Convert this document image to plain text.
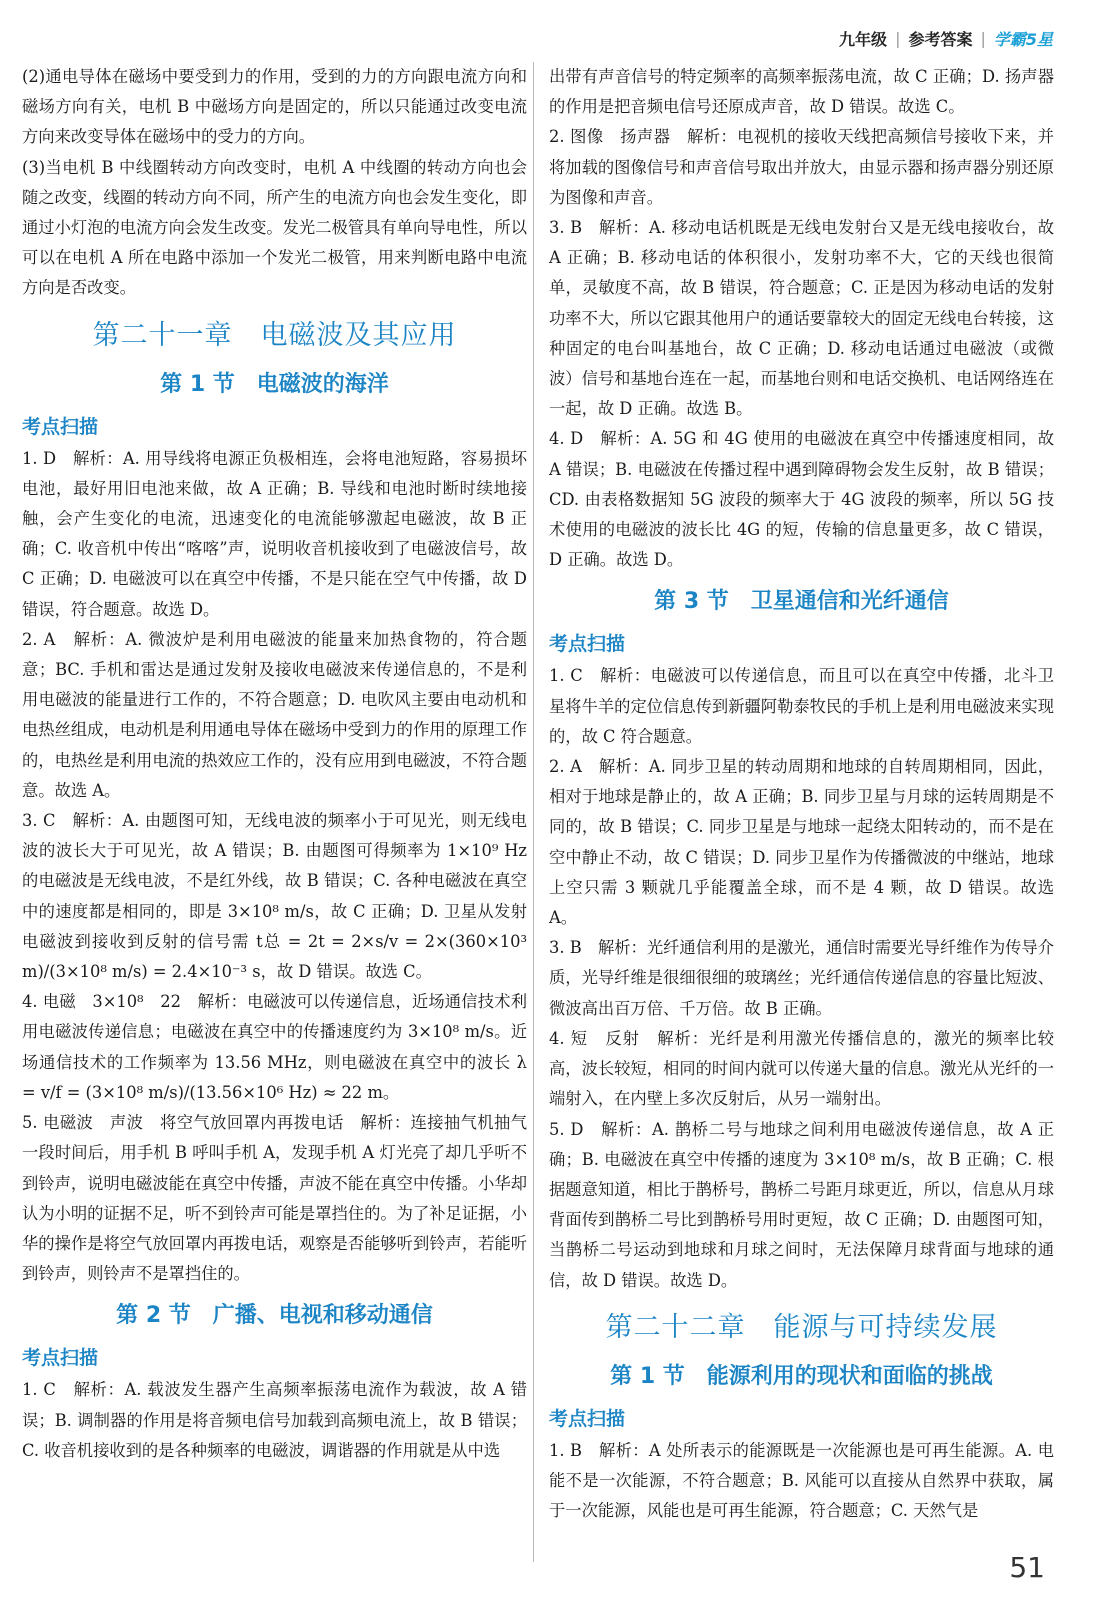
九年级 | 参考答案 | 学霸5星

(2)通电导体在磁场中要受到力的作用，受到的力的方向跟电流方向和磁场方向有关，电机 B 中磁场方向是固定的，所以只能通过改变电流方向来改变导体在磁场中的受力的方向。

(3)当电机 B 中线圈转动方向改变时，电机 A 中线圈的转动方向也会随之改变，线圈的转动方向不同，所产生的电流方向也会发生变化，即通过小灯泡的电流方向会发生改变。发光二极管具有单向导电性，所以可以在电机 A 所在电路中添加一个发光二极管，用来判断电路中电流方向是否改变。

第二十一章　电磁波及其应用
第 1 节　电磁波的海洋
考点扫描

1. D　解析：A. 用导线将电源正负极相连，会将电池短路，容易损坏电池，最好用旧电池来做，故 A 正确；B. 导线和电池时断时续地接触，会产生变化的电流，迅速变化的电流能够激起电磁波，故 B 正确；C. 收音机中传出“喀喀”声，说明收音机接收到了电磁波信号，故 C 正确；D. 电磁波可以在真空中传播，不是只能在空气中传播，故 D 错误，符合题意。故选 D。

2. A　解析：A. 微波炉是利用电磁波的能量来加热食物的，符合题意；BC. 手机和雷达是通过发射及接收电磁波来传递信息的，不是利用电磁波的能量进行工作的，不符合题意；D. 电吹风主要由电动机和电热丝组成，电动机是利用通电导体在磁场中受到力的作用的原理工作的，电热丝是利用电流的热效应工作的，没有应用到电磁波，不符合题意。故选 A。

3. C　解析：A. 由题图可知，无线电波的频率小于可见光，则无线电波的波长大于可见光，故 A 错误；B. 由题图可得频率为 1×10⁹ Hz 的电磁波是无线电波，不是红外线，故 B 错误；C. 各种电磁波在真空中的速度都是相同的，即是 3×10⁸ m/s，故 C 正确；D. 卫星从发射电磁波到接收到反射的信号需 t总 = 2t = 2×s/v = 2×(360×10³ m)/(3×10⁸ m/s) = 2.4×10⁻³ s，故 D 错误。故选 C。

4. 电磁　3×10⁸　22　解析：电磁波可以传递信息，近场通信技术利用电磁波传递信息；电磁波在真空中的传播速度约为 3×10⁸ m/s。近场通信技术的工作频率为 13.56 MHz，则电磁波在真空中的波长 λ = v/f = (3×10⁸ m/s)/(13.56×10⁶ Hz) ≈ 22 m。

5. 电磁波　声波　将空气放回罩内再拨电话　解析：连接抽气机抽气一段时间后，用手机 B 呼叫手机 A，发现手机 A 灯光亮了却几乎听不到铃声，说明电磁波能在真空中传播，声波不能在真空中传播。小华却认为小明的证据不足，听不到铃声可能是罩挡住的。为了补足证据，小华的操作是将空气放回罩内再拨电话，观察是否能够听到铃声，若能听到铃声，则铃声不是罩挡住的。

第 2 节　广播、电视和移动通信
考点扫描

1. C　解析：A. 载波发生器产生高频率振荡电流作为载波，故 A 错误；B. 调制器的作用是将音频电信号加载到高频电流上，故 B 错误；C. 收音机接收到的是各种频率的电磁波，调谐器的作用就是从中选

出带有声音信号的特定频率的高频率振荡电流，故 C 正确；D. 扬声器的作用是把音频电信号还原成声音，故 D 错误。故选 C。

2. 图像　扬声器　解析：电视机的接收天线把高频信号接收下来，并将加载的图像信号和声音信号取出并放大，由显示器和扬声器分别还原为图像和声音。

3. B　解析：A. 移动电话机既是无线电发射台又是无线电接收台，故 A 正确；B. 移动电话的体积很小，发射功率不大，它的天线也很简单，灵敏度不高，故 B 错误，符合题意；C. 正是因为移动电话的发射功率不大，所以它跟其他用户的通话要靠较大的固定无线电台转接，这种固定的电台叫基地台，故 C 正确；D. 移动电话通过电磁波（或微波）信号和基地台连在一起，而基地台则和电话交换机、电话网络连在一起，故 D 正确。故选 B。

4. D　解析：A. 5G 和 4G 使用的电磁波在真空中传播速度相同，故 A 错误；B. 电磁波在传播过程中遇到障碍物会发生反射，故 B 错误；CD. 由表格数据知 5G 波段的频率大于 4G 波段的频率，所以 5G 技术使用的电磁波的波长比 4G 的短，传输的信息量更多，故 C 错误，D 正确。故选 D。

第 3 节　卫星通信和光纤通信
考点扫描

1. C　解析：电磁波可以传递信息，而且可以在真空中传播，北斗卫星将牛羊的定位信息传到新疆阿勒泰牧民的手机上是利用电磁波来实现的，故 C 符合题意。

2. A　解析：A. 同步卫星的转动周期和地球的自转周期相同，因此，相对于地球是静止的，故 A 正确；B. 同步卫星与月球的运转周期是不同的，故 B 错误；C. 同步卫星是与地球一起绕太阳转动的，而不是在空中静止不动，故 C 错误；D. 同步卫星作为传播微波的中继站，地球上空只需 3 颗就几乎能覆盖全球，而不是 4 颗，故 D 错误。故选 A。

3. B　解析：光纤通信利用的是激光，通信时需要光导纤维作为传导介质，光导纤维是很细很细的玻璃丝；光纤通信传递信息的容量比短波、微波高出百万倍、千万倍。故 B 正确。

4. 短　反射　解析：光纤是利用激光传播信息的，激光的频率比较高，波长较短，相同的时间内就可以传递大量的信息。激光从光纤的一端射入，在内壁上多次反射后，从另一端射出。

5. D　解析：A. 鹊桥二号与地球之间利用电磁波传递信息，故 A 正确；B. 电磁波在真空中传播的速度为 3×10⁸ m/s，故 B 正确；C. 根据题意知道，相比于鹊桥号，鹊桥二号距月球更近，所以，信息从月球背面传到鹊桥二号比到鹊桥号用时更短，故 C 正确；D. 由题图可知，当鹊桥二号运动到地球和月球之间时，无法保障月球背面与地球的通信，故 D 错误。故选 D。

第二十二章　能源与可持续发展
第 1 节　能源利用的现状和面临的挑战
考点扫描

1. B　解析：A 处所表示的能源既是一次能源也是可再生能源。A. 电能不是一次能源，不符合题意；B. 风能可以直接从自然界中获取，属于一次能源，风能也是可再生能源，符合题意；C. 天然气是

51
